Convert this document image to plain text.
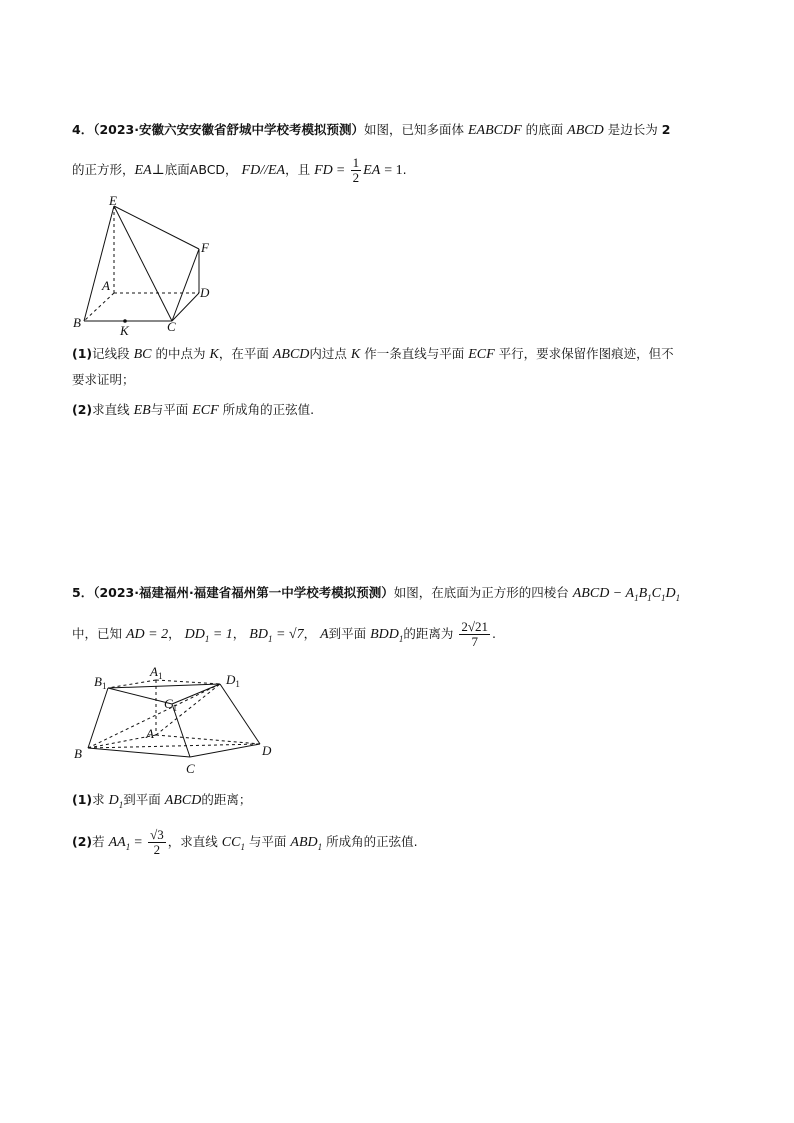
4．（2023·安徽六安安徽省舒城中学校考模拟预测）如图，已知多面体 EABCDF 的底面 ABCD 是边长为 2
的正方形，EA⊥底面ABCD， FD//EA，且 FD = $\frac{1}{2}$ EA = 1.
E
F
A	D
B
K	C
(1)记线段 BC 的中点为 K，在平面 ABCD内过点 K 作一条直线与平面 ECF 平行，要求保留作图痕迹，但不
要求证明；
(2)求直线 EB与平面 ECF 所成角的正弦值.
5．（2023·福建福州·福建省福州第一中学校考模拟预测）如图，在底面为正方形的四棱台 ABCD − $A_1B_1C_1D_1$
中，已知 AD = 2， $DD_1 = 1$， $BD_1 = √7$， A到平面 $BDD_1$的距离为 $\frac{2√21}{7}$ .
$B_1$
$A_1$	$D_1$
$C_1$
A
B
C
D
(1)求 $D_1$到平面 ABCD的距离；
(2)若 $AA_1 = \frac{√3}{2}$ ，求直线 $CC_1$ 与平面 $ABD_1$ 所成角的正弦值.
